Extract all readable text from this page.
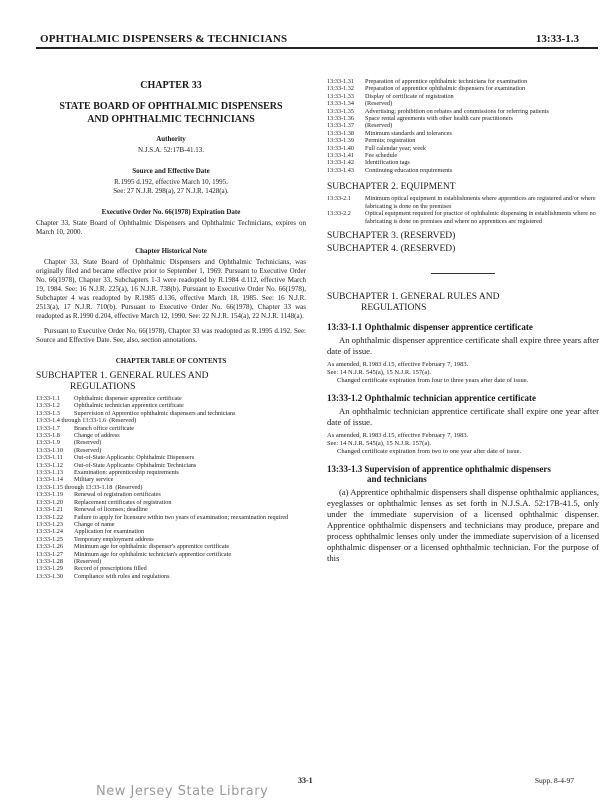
OPHTHALMIC DISPENSERS & TECHNICIANS	13:33-1.3
CHAPTER 33
STATE BOARD OF OPHTHALMIC DISPENSERS
AND OPHTHALMIC TECHNICIANS
Authority
N.J.S.A. 52:17B-41.13.
Source and Effective Date
R.1995 d.192, effective March 10, 1995.
See: 27 N.J.R. 298(a), 27 N.J.R. 1428(a).
Executive Order No. 66(1978) Expiration Date
Chapter 33, State Board of Ophthalmic Dispensers and Ophthalmic Technicians, expires on March 10, 2000.
Chapter Historical Note
Chapter 33, State Board of Ophthalmic Dispensers and Ophthalmic Technicians, was originally filed and became effective prior to September 1, 1969. Pursuant to Executive Order No. 66(1978), Chapter 33, Subchapters 1-3 were readopted by R.1984 d.112, effective March 19, 1984. See: 16 N.J.R. 225(a), 16 N.J.R. 738(b). Pursuant to Executive Order No. 66(1978), Subchapter 4 was readopted by R.1985 d.136, effective March 18, 1985. See: 16 N.J.R. 2513(a), 17 N.J.R. 710(b). Pursuant to Executive Order No. 66(1978), Chapter 33 was readopted as R.1990 d.204, effective March 12, 1990. See: 22 N.J.R. 154(a), 22 N.J.R. 1148(a).
Pursuant to Executive Order No. 66(1978), Chapter 33 was readopted as R.1995 d.192. See: Source and Effective Date. See, also, section annotations.
CHAPTER TABLE OF CONTENTS
SUBCHAPTER 1. GENERAL RULES AND
REGULATIONS
13:33-1.1	Ophthalmic dispenser apprentice certificate
13:33-1.2	Ophthalmic technician apprentice certificate
13:33-1.3	Supervision of Apprentice ophthalmic dispensers and technicians
13:33-1.4 through 13:33-1.6 (Reserved)
13:33-1.7	Branch office certificate
13:33-1.8	Change of address
13:33-1.9	(Reserved)
13:33-1.10	(Reserved)
13:33-1.11	Out-of-State Applicants: Ophthalmic Dispensers
13:33-1.12	Out-of-State Applicants: Ophthalmic Technicians
13:33-1.13	Examination: apprenticeship requirements
13:33-1.14	Military service
13:33-1.15 through 13:33-1.18 (Reserved)
13:33-1.19	Renewal of registration certificates
13:33-1.20	Replacement certificates of registration
13:33-1.21	Renewal of licenses; deadline
13:33-1.22	Failure to apply for licensure within two years of examination; reexamination required
13:33-1.23	Change of name
13:33-1.24	Application for examination
13:33-1.25	Temporary employment address
13:33-1.26	Minimum age for ophthalmic dispenser's apprentice certificate
13:33-1.27	Minimum age for ophthalmic technician's apprentice certificate
13:33-1.28	(Reserved)
13:33-1.29	Record of prescriptions filled
13:33-1.30	Compliance with rules and regulations
13:33-1.31	Preparation of apprentice ophthalmic technicians for examination
13:33-1.32	Preparation of apprentice ophthalmic dispensers for examination
13:33-1.33	Display of certificate of registration
13:33-1.34	(Reserved)
13:33-1.35	Advertising; prohibition on rebates and commissions for referring patients
13:33-1.36	Space rental agreements with other health care practitioners
13:33-1.37	(Reserved)
13:33-1.38	Minimum standards and tolerances
13:33-1.39	Permits; registration
13:33-1.40	Full calendar year; week
13:33-1.41	Fee schedule
13:33-1.42	Identification tags
13:33-1.43	Continuing education requirements
SUBCHAPTER 2. EQUIPMENT
13:33-2.1	Minimum optical equipment in establishments where apprentices are registered and/or where fabricating is done on the premises
13:33-2.2	Optical equipment required for practice of ophthalmic dispensing in establishments where no fabricating is done on premises and where no apprentices are registered
SUBCHAPTER 3. (RESERVED)
SUBCHAPTER 4. (RESERVED)
SUBCHAPTER 1. GENERAL RULES AND
REGULATIONS
13:33-1.1 Ophthalmic dispenser apprentice certificate
An ophthalmic dispenser apprentice certificate shall expire three years after date of issue.
As amended, R.1983 d.15, effective February 7, 1983.
See: 14 N.J.R. 545(a), 15 N.J.R. 157(a).
Changed certificate expiration from four to three years after date of issue.
13:33-1.2 Ophthalmic technician apprentice certificate
An ophthalmic technician apprentice certificate shall expire one year after date of issue.
As amended, R.1983 d.15, effective February 7, 1983.
See: 14 N.J.R. 545(a), 15 N.J.R. 157(a).
Changed certificate expiration from two to one year after date of issue.
13:33-1.3 Supervision of apprentice ophthalmic dispensers
and technicians
(a) Apprentice ophthalmic dispensers shall dispense ophthalmic appliances, eyeglasses or ophthalmic lenses as set forth in N.J.S.A. 52:17B-41.5, only under the immediate supervision of a licensed ophthalmic dispenser. Apprentice ophthalmic dispensers and technicians may produce, prepare and process ophthalmic lenses only under the immediate supervision of a licensed ophthalmic dispenser or a licensed ophthalmic technician. For the purpose of this
33-1	Supp. 8-4-97
New Jersey State Library
